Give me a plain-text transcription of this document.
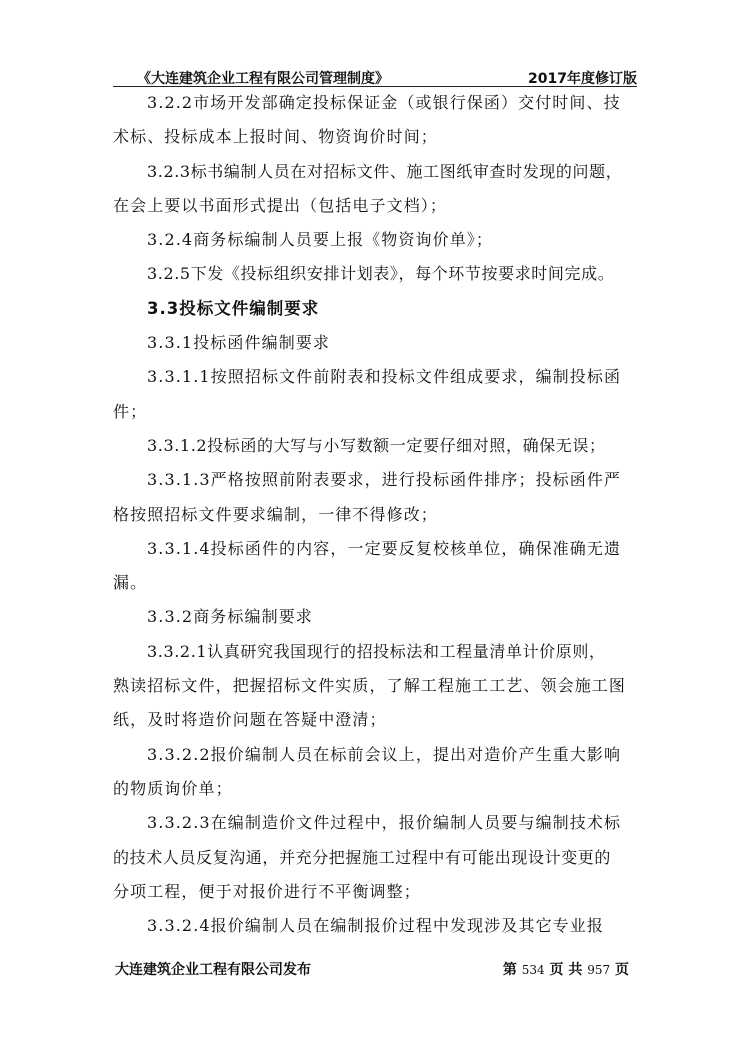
《大连建筑企业工程有限公司管理制度》	2017年度修订版

3.2.2市场开发部确定投标保证金（或银行保函）交付时间、技

术标、投标成本上报时间、物资询价时间；

3.2.3标书编制人员在对招标文件、施工图纸审查时发现的问题，

在会上要以书面形式提出（包括电子文档）；

3.2.4商务标编制人员要上报《物资询价单》；

3.2.5下发《投标组织安排计划表》，每个环节按要求时间完成。

3.3投标文件编制要求

3.3.1投标函件编制要求

3.3.1.1按照招标文件前附表和投标文件组成要求，编制投标函

件；

3.3.1.2投标函的大写与小写数额一定要仔细对照，确保无误；

3.3.1.3严格按照前附表要求，进行投标函件排序；投标函件严

格按照招标文件要求编制，一律不得修改；

3.3.1.4投标函件的内容，一定要反复校核单位，确保准确无遗

漏。

3.3.2商务标编制要求

3.3.2.1认真研究我国现行的招投标法和工程量清单计价原则，

熟读招标文件，把握招标文件实质，了解工程施工工艺、领会施工图

纸，及时将造价问题在答疑中澄清；

3.3.2.2报价编制人员在标前会议上，提出对造价产生重大影响

的物质询价单；

3.3.2.3在编制造价文件过程中，报价编制人员要与编制技术标

的技术人员反复沟通，并充分把握施工过程中有可能出现设计变更的

分项工程，便于对报价进行不平衡调整；

3.3.2.4报价编制人员在编制报价过程中发现涉及其它专业报

大连建筑企业工程有限公司发布	第 534 页 共 957 页
